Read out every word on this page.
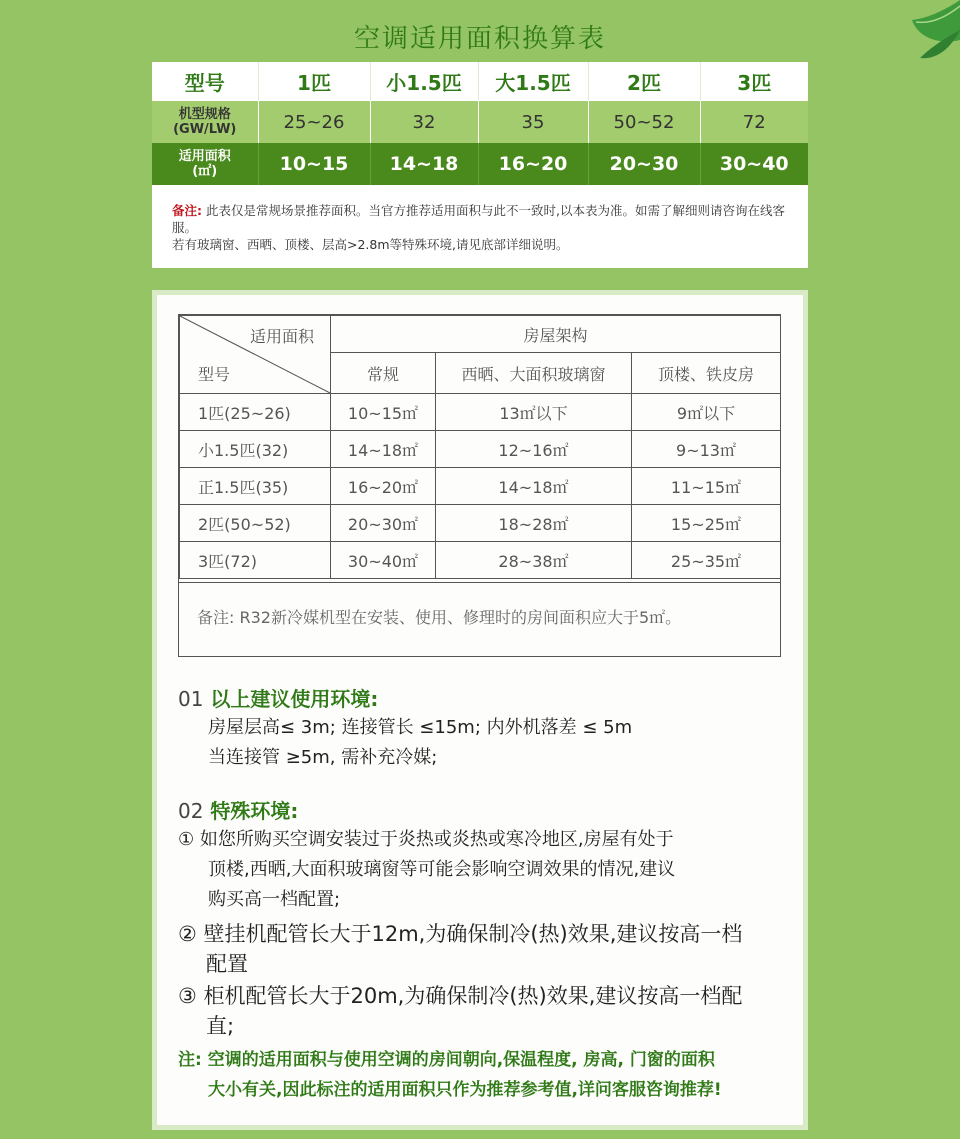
空调适用面积换算表
型号	1匹	小1.5匹	大1.5匹	2匹	3匹

机型规格
(GW/LW)	25~26	32	35	50~52	72

适用面积
(㎡)	10~15	14~18	16~20	20~30	30~40
备注: 此表仅是常规场景推荐面积。当官方推荐适用面积与此不一致时,以本表为准。如需了解细则请咨询在线客服。
若有玻璃窗、西晒、顶楼、层高>2.8m等特殊环境,请见底部详细说明。
适用面积
型号	房屋架构		
	常规	西晒、大面积玻璃窗	顶楼、铁皮房
1匹(25~26)	10~15㎡	13㎡以下	9㎡以下
小1.5匹(32)	14~18㎡	12~16㎡	9~13㎡
正1.5匹(35)	16~20㎡	14~18㎡	11~15㎡
2匹(50~52)	20~30㎡	18~28㎡	15~25㎡
3匹(72)	30~40㎡	28~38㎡	25~35㎡
备注: R32新冷媒机型在安装、使用、修理时的房间面积应大于5㎡。
01 以上建议使用环境:
房屋层高≤ 3m; 连接管长 ≤15m; 内外机落差 ≤ 5m
当连接管 ≥5m, 需补充冷媒;
02 特殊环境:
① 如您所购买空调安装过于炎热或炎热或寒冷地区,房屋有处于
顶楼,西晒,大面积玻璃窗等可能会影响空调效果的情况,建议
购买高一档配置;
② 壁挂机配管长大于12m,为确保制冷(热)效果,建议按高一档
配置
③ 柜机配管长大于20m,为确保制冷(热)效果,建议按高一档配
直;
注: 空调的适用面积与使用空调的房间朝向,保温程度, 房高, 门窗的面积
大小有关,因此标注的适用面积只作为推荐参考值,详问客服咨询推荐!
